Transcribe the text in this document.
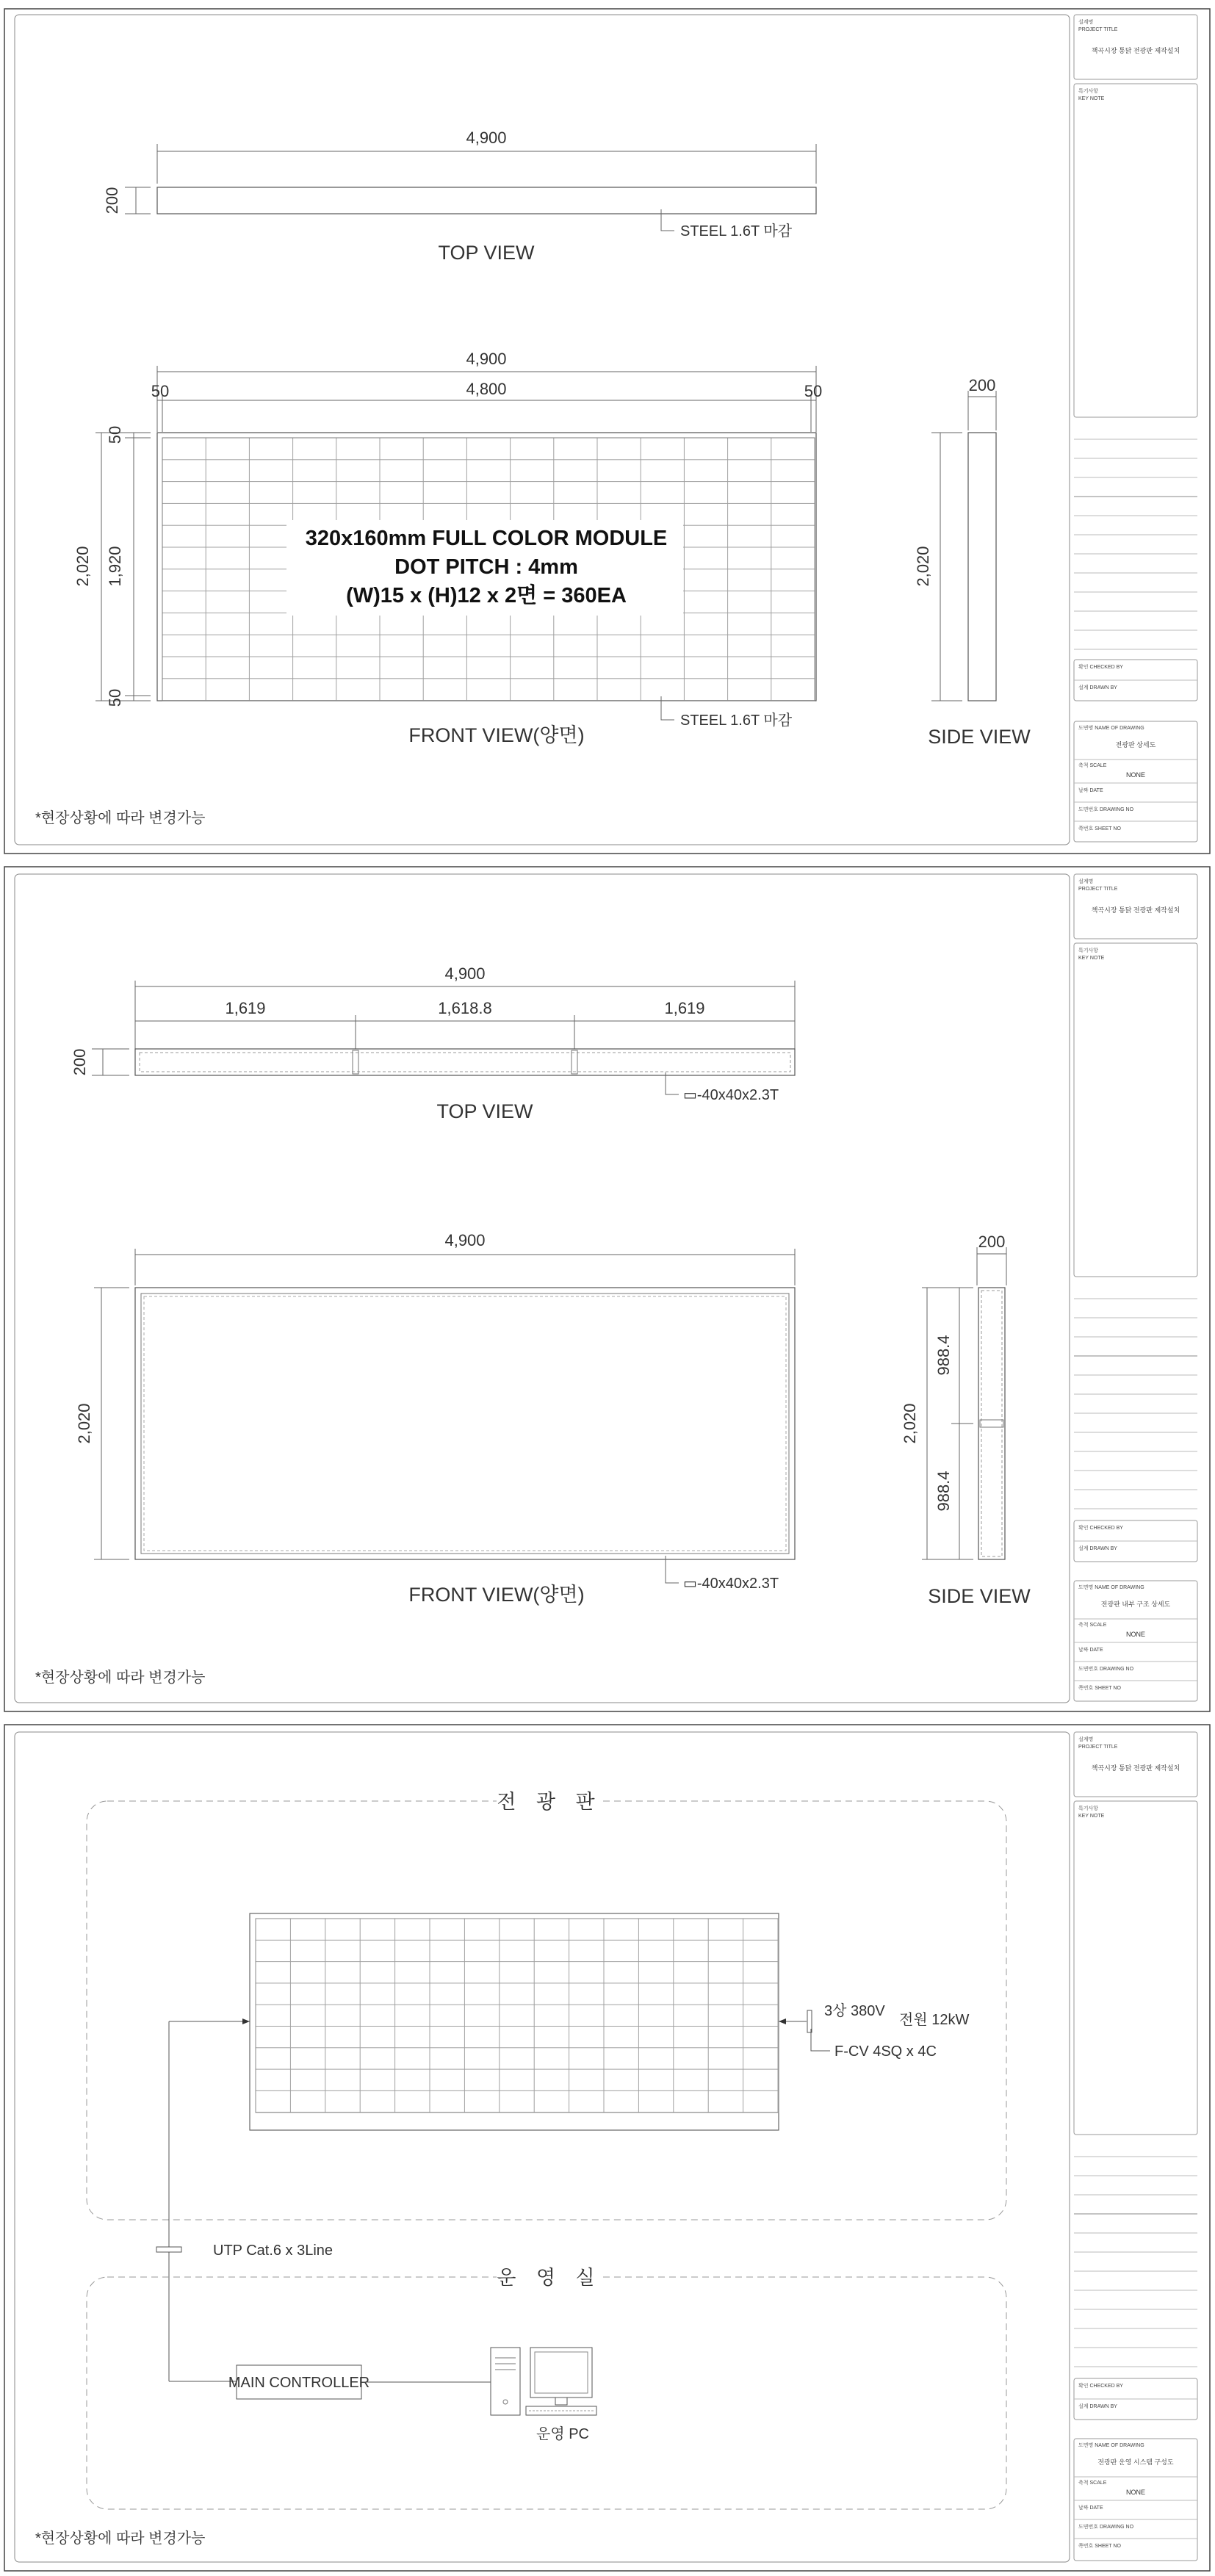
4,900
200
STEEL 1.6T 마감
TOP VIEW
4,900
4,800
50	50
2,020 1,920
50
50
320x160mm FULL COLOR MODULE
DOT PITCH : 4mm
(W)15 x (H)12 x 2면 = 360EA
STEEL 1.6T 마감
FRONT VIEW(양면)
200
2,020
SIDE VIEW
*현장상황에 따라 변경가능
설계명
PROJECT TITLE
책곡시장 통닭 전광판 제작설치
특기사항
KEY NOTE
확인 CHECKED BY
설계 DRAWN BY
도면명 NAME OF DRAWING
전광판 상세도
축척 SCALE
NONE
날짜 DATE
도면번호 DRAWING NO
쪽번호 SHEET NO
4,900
1,619	1,618.8	1,619
200
▭-40x40x2.3T
TOP VIEW
4,900
2,020
▭-40x40x2.3T
FRONT VIEW(양면)
200
2,020
988.4
988.4
SIDE VIEW
*현장상황에 따라 변경가능
설계명
PROJECT TITLE
책곡시장 통닭 전광판 제작설치
특기사항
KEY NOTE
확인 CHECKED BY
설계 DRAWN BY
도면명 NAME OF DRAWING
전광판 내부 구조 상세도
축척 SCALE
NONE
날짜 DATE
도면번호 DRAWING NO
쪽번호 SHEET NO
전 광 판
3상 380V
전원 12kW
F-CV 4SQ x 4C
UTP Cat.6 x 3Line
운 영 실
MAIN CONTROLLER
운영 PC
*현장상황에 따라 변경가능
설계명
PROJECT TITLE
책곡시장 통닭 전광판 제작설치
특기사항
KEY NOTE
확인 CHECKED BY
설계 DRAWN BY
도면명 NAME OF DRAWING
전광판 운영 시스템 구성도
축척 SCALE
NONE
날짜 DATE
도면번호 DRAWING NO
쪽번호 SHEET NO
